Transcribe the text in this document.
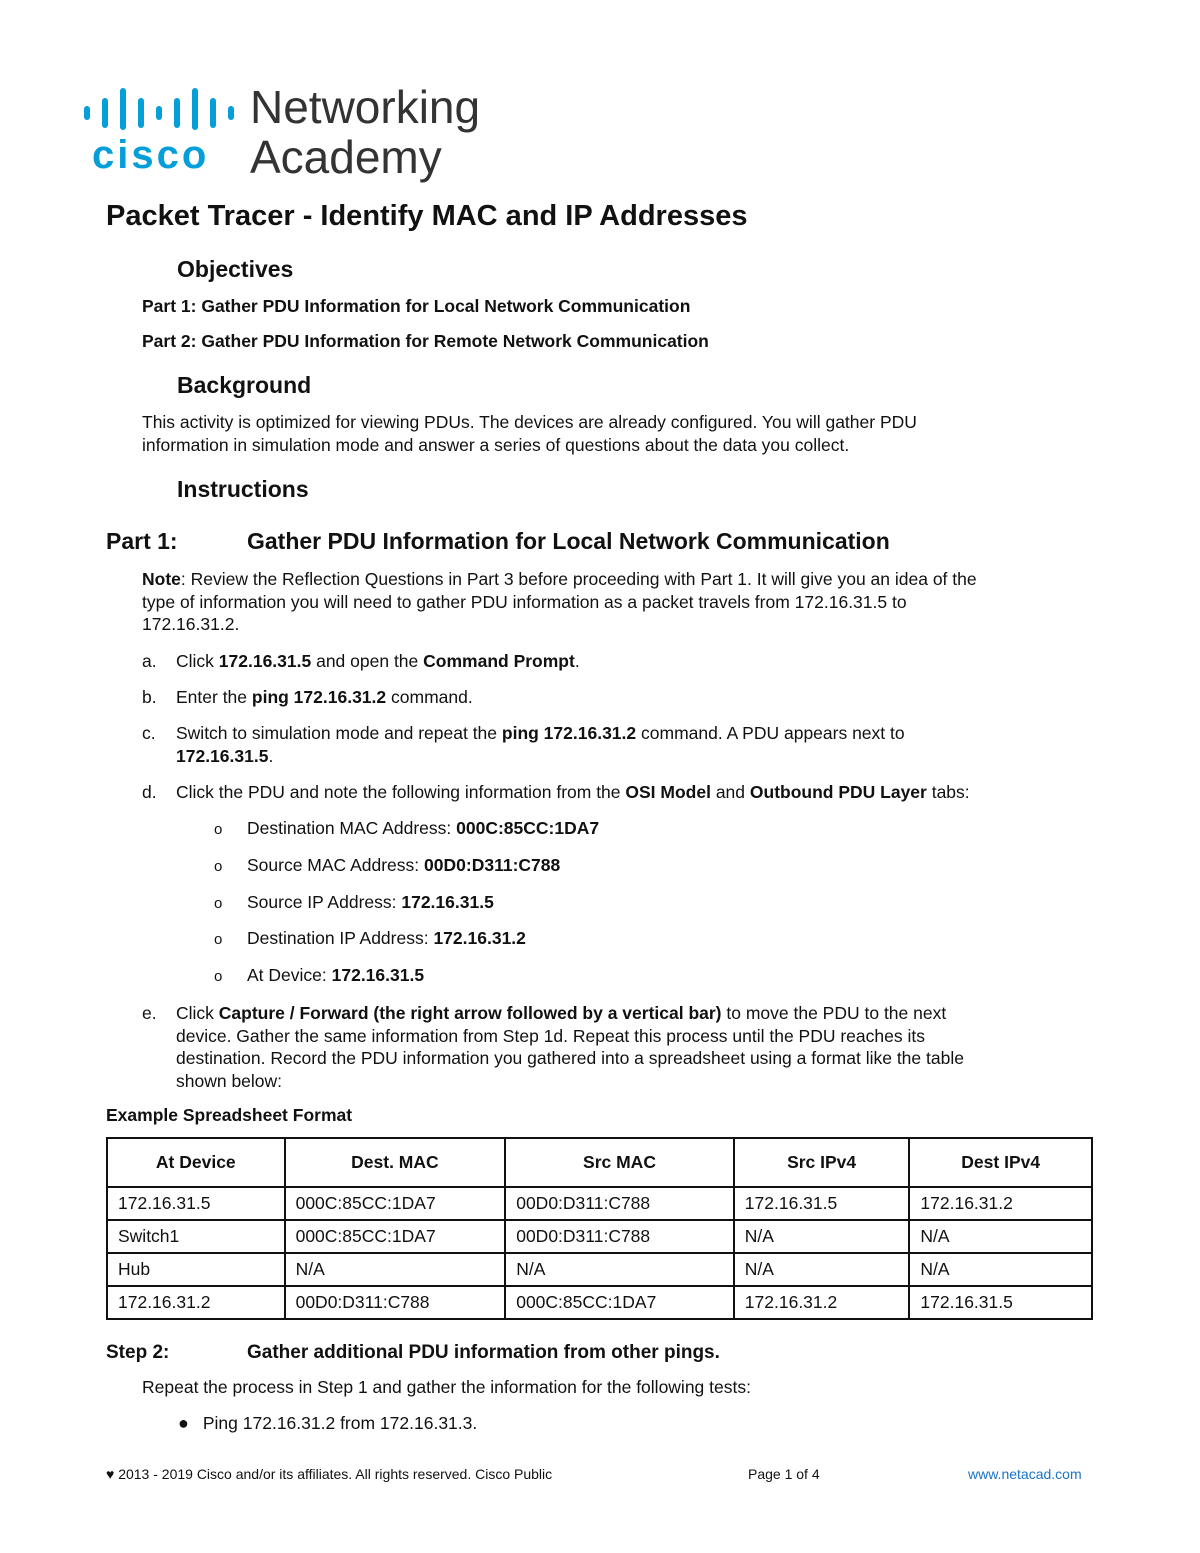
cisco
Networking
Academy
Packet Tracer - Identify MAC and IP Addresses
Objectives
Part 1: Gather PDU Information for Local Network Communication
Part 2: Gather PDU Information for Remote Network Communication
Background
This activity is optimized for viewing PDUs. The devices are already configured. You will gather PDU
information in simulation mode and answer a series of questions about the data you collect.
Instructions
Part 1:	Gather PDU Information for Local Network Communication
Note: Review the Reflection Questions in Part 3 before proceeding with Part 1. It will give you an idea of the
type of information you will need to gather PDU information as a packet travels from 172.16.31.5 to
172.16.31.2.
a.	Click 172.16.31.5 and open the Command Prompt.
b.	Enter the ping 172.16.31.2 command.
c.	Switch to simulation mode and repeat the ping 172.16.31.2 command. A PDU appears next to
172.16.31.5.
d.	Click the PDU and note the following information from the OSI Model and Outbound PDU Layer tabs:
o Destination MAC Address: 000C:85CC:1DA7
o Source MAC Address: 00D0:D311:C788
o Source IP Address: 172.16.31.5
o Destination IP Address: 172.16.31.2
o At Device: 172.16.31.5
e.	Click Capture / Forward (the right arrow followed by a vertical bar) to move the PDU to the next
device. Gather the same information from Step 1d. Repeat this process until the PDU reaches its
destination. Record the PDU information you gathered into a spreadsheet using a format like the table
shown below:
Example Spreadsheet Format
At Device	Dest. MAC	Src MAC	Src IPv4	Dest IPv4
172.16.31.5	000C:85CC:1DA7	00D0:D311:C788	172.16.31.5	172.16.31.2
Switch1	000C:85CC:1DA7	00D0:D311:C788	N/A	N/A
Hub	N/A	N/A	N/A	N/A
172.16.31.2	00D0:D311:C788	000C:85CC:1DA7	172.16.31.2	172.16.31.5
Step 2:	Gather additional PDU information from other pings.
Repeat the process in Step 1 and gather the information for the following tests:
● Ping 172.16.31.2 from 172.16.31.3.
♥ 2013 - 2019 Cisco and/or its affiliates. All rights reserved. Cisco Public	Page 1 of 4	www.netacad.com
